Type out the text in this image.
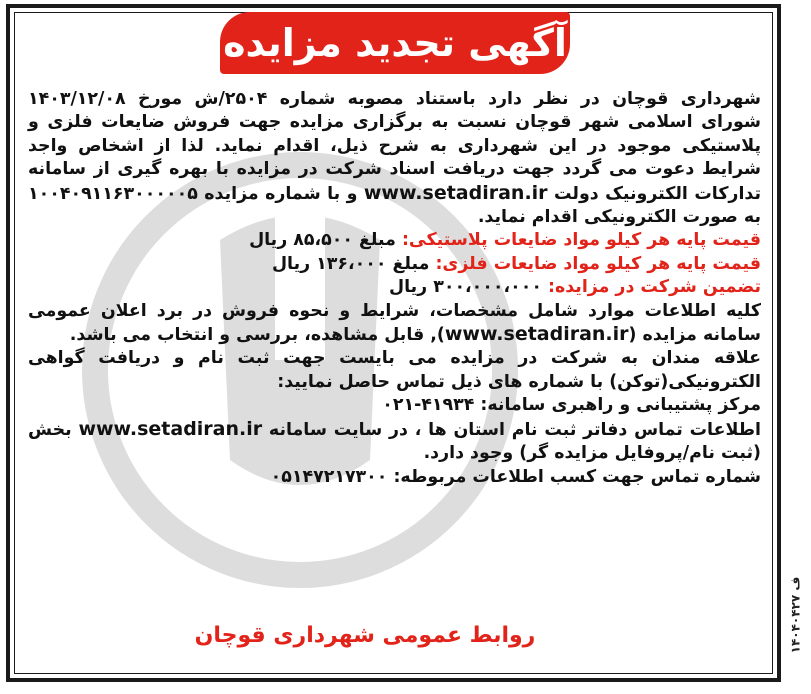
آگهی تجدید مزایده

شهرداری قوچان در نظر دارد باستناد مصوبه شماره ۲۵۰۴/ش مورخ ۱۴۰۳/۱۲/۰۸ شورای اسلامی شهر قوچان نسبت به برگزاری مزایده جهت فروش ضایعات فلزی و پلاستیکی موجود در این شهرداری به شرح ذیل، اقدام نماید. لذا از اشخاص واجد شرایط دعوت می گردد جهت دریافت اسناد شرکت در مزایده با بهره گیری از سامانه تدارکات الکترونیک دولت www.setadiran.ir و با شماره مزایده ۱۰۰۴۰۹۱۱۶۳۰۰۰۰۰۵ به صورت الکترونیکی اقدام نماید.

قیمت پایه هر کیلو مواد ضایعات پلاستیکی: مبلغ ۸۵،۵۰۰ ریال

قیمت پایه هر کیلو مواد ضایعات فلزی: مبلغ ۱۳۶،۰۰۰ ریال

تضمین شرکت در مزایده: ۳۰۰،۰۰۰،۰۰۰ ریال

کلیه اطلاعات موارد شامل مشخصات، شرایط و نحوه فروش در برد اعلان عمومی سامانه مزایده (www.setadiran.ir), قابل مشاهده، بررسی و انتخاب می باشد.

علاقه مندان به شرکت در مزایده می بایست جهت ثبت نام و دریافت گواهی الکترونیکی(توکن) با شماره های ذیل تماس حاصل نمایید:

مرکز پشتیبانی و راهبری سامانه: ۴۱۹۳۴-۰۲۱

اطلاعات تماس دفاتر ثبت نام استان ها ، در سایت سامانه www.setadiran.ir بخش (ثبت نام/پروفایل مزایده گر) وجود دارد.

شماره تماس جهت کسب اطلاعات مربوطه: ۰۵۱۴۷۲۱۷۳۰۰

روابط عمومی شهرداری قوچان	ف ۱۴۰۴۰۴۲۷
